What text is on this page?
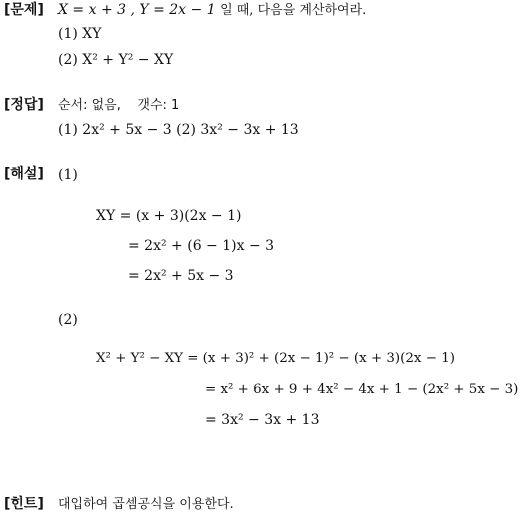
[문제] X = x + 3 , Y = 2x − 1 일 때, 다음을 계산하여라.
(1) XY
(2) X² + Y² − XY
[정답] 순서: 없음, 갯수: 1
(1) 2x² + 5x − 3 (2) 3x² − 3x + 13
[해설] (1)
XY = (x + 3)(2x − 1)
= 2x² + (6 − 1)x − 3
= 2x² + 5x − 3
(2)
X² + Y² − XY = (x + 3)² + (2x − 1)² − (x + 3)(2x − 1)
= x² + 6x + 9 + 4x² − 4x + 1 − (2x² + 5x − 3)
= 3x² − 3x + 13
[힌트] 대입하여 곱셈공식을 이용한다.
